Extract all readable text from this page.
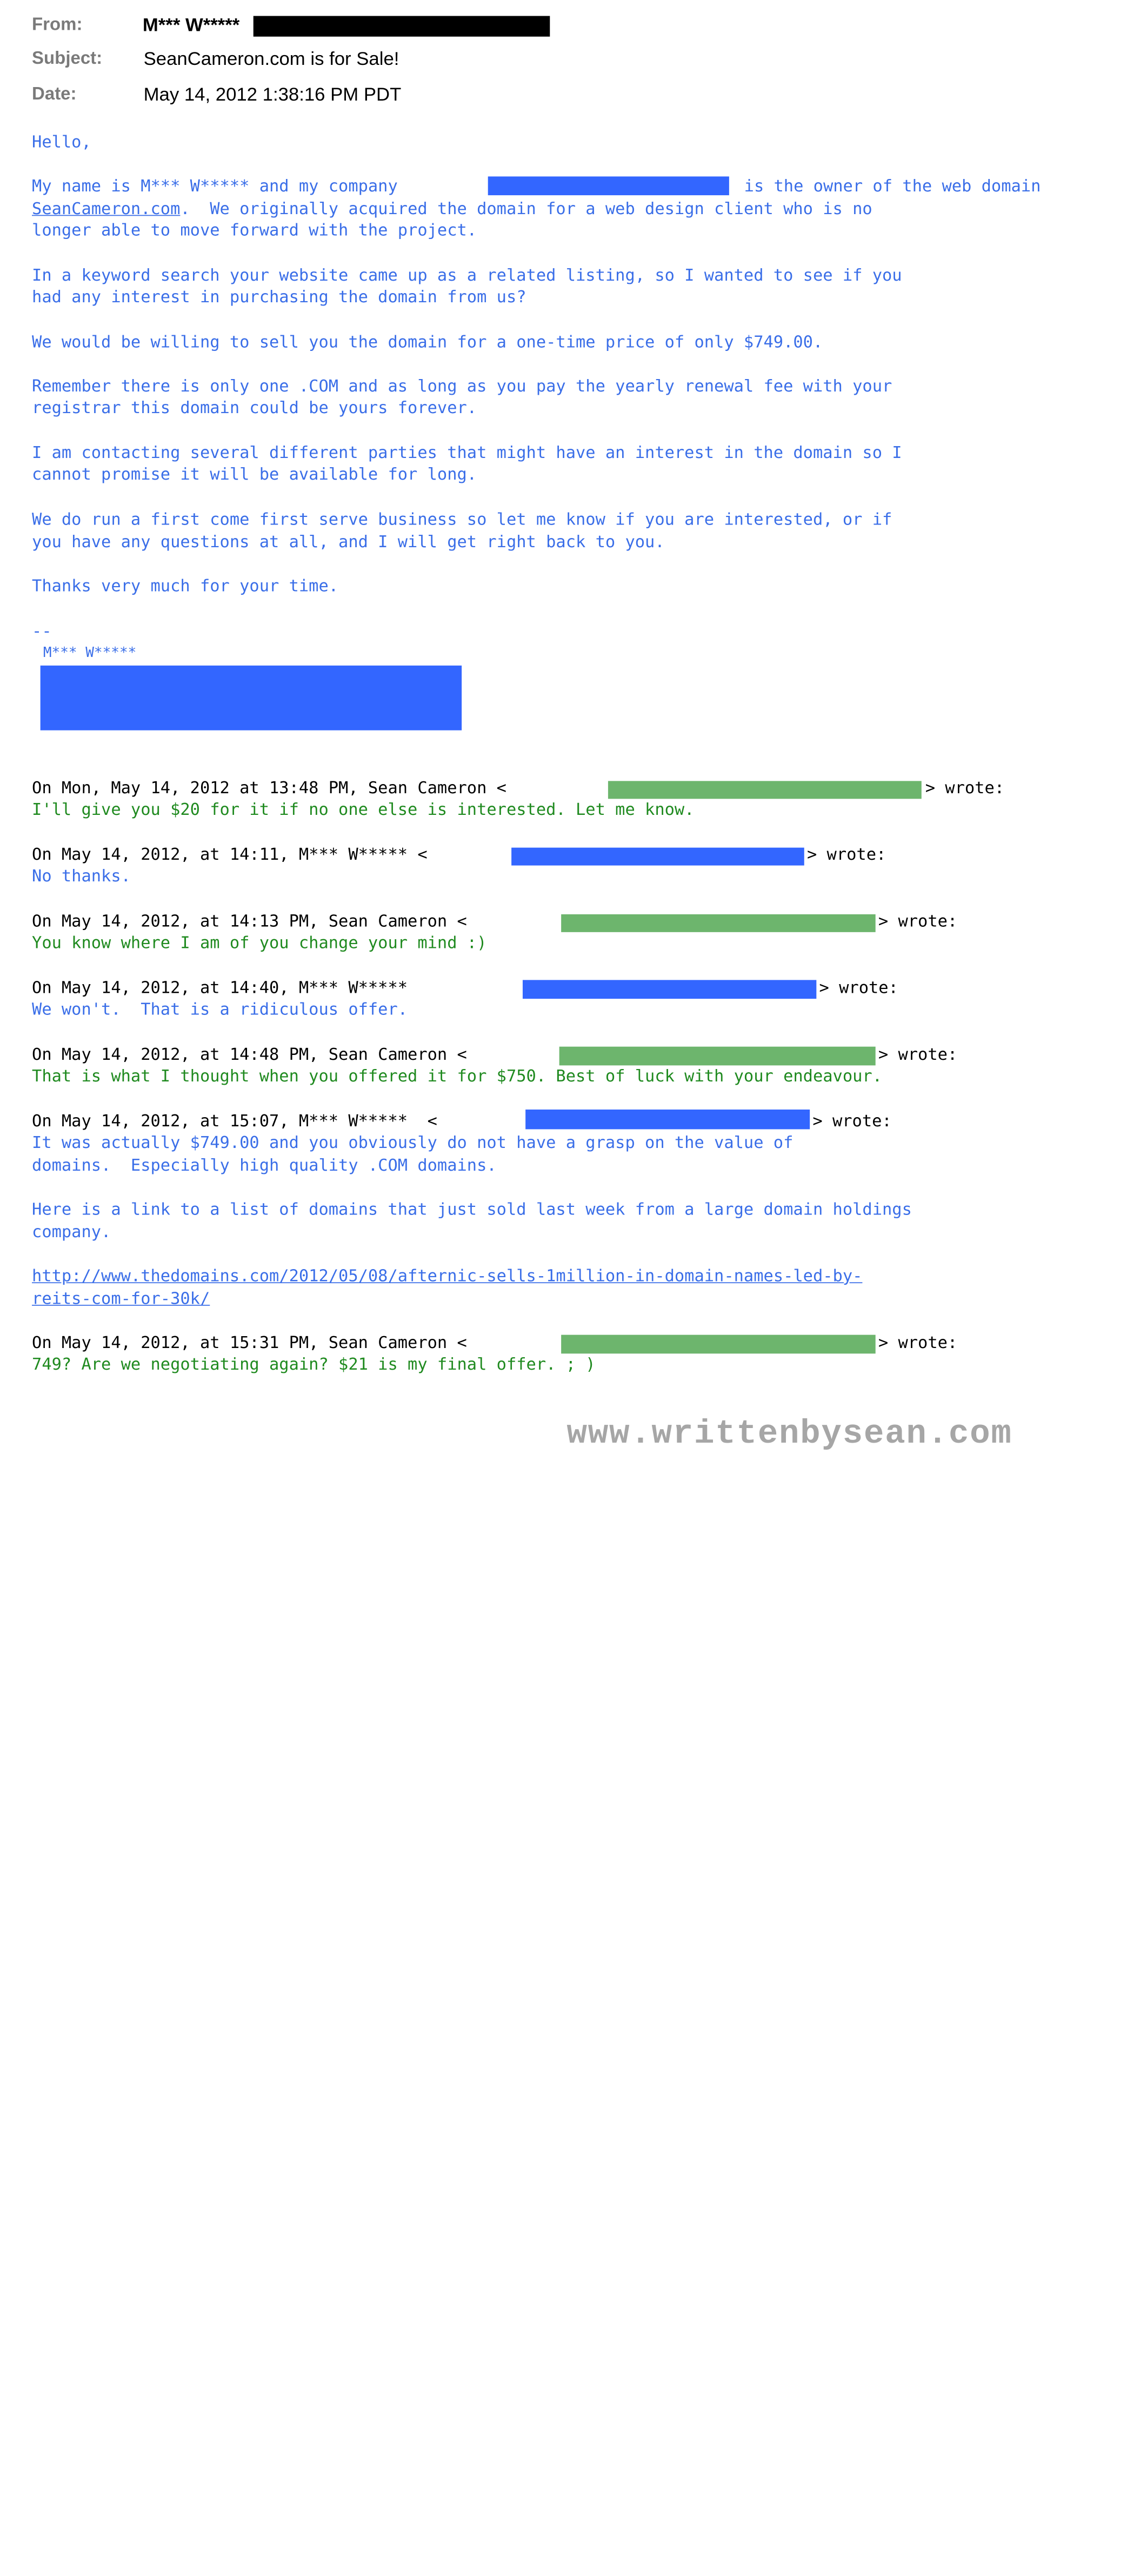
From:	M*** W*****
Subject:	SeanCameron.com is for Sale!
Date:	May 14, 2012 1:38:16 PM PDT
Hello,
My name is M*** W***** and my company	is the owner of the web domain
SeanCameron.com.  We originally acquired the domain for a web design client who is no
longer able to move forward with the project.
In a keyword search your website came up as a related listing, so I wanted to see if you
had any interest in purchasing the domain from us?
We would be willing to sell you the domain for a one-time price of only $749.00.
Remember there is only one .COM and as long as you pay the yearly renewal fee with your
registrar this domain could be yours forever.
I am contacting several different parties that might have an interest in the domain so I
cannot promise it will be available for long.
We do run a first come first serve business so let me know if you are interested, or if
you have any questions at all, and I will get right back to you.
Thanks very much for your time.
--
M*** W*****
On Mon, May 14, 2012 at 13:48 PM, Sean Cameron <	> wrote:
I'll give you $20 for it if no one else is interested. Let me know.
On May 14, 2012, at 14:11, M*** W***** <	> wrote:
No thanks.
On May 14, 2012, at 14:13 PM, Sean Cameron <	> wrote:
You know where I am of you change your mind :)
On May 14, 2012, at 14:40, M*** W*****	> wrote:
We won't.  That is a ridiculous offer.
On May 14, 2012, at 14:48 PM, Sean Cameron <	> wrote:
That is what I thought when you offered it for $750. Best of luck with your endeavour.
On May 14, 2012, at 15:07, M*** W*****  <	> wrote:
It was actually $749.00 and you obviously do not have a grasp on the value of
domains.  Especially high quality .COM domains.
Here is a link to a list of domains that just sold last week from a large domain holdings
company.
http://www.thedomains.com/2012/05/08/afternic-sells-1million-in-domain-names-led-by-
reits-com-for-30k/
On May 14, 2012, at 15:31 PM, Sean Cameron <	> wrote:
749? Are we negotiating again? $21 is my final offer. ; )
www.writtenbysean.com
